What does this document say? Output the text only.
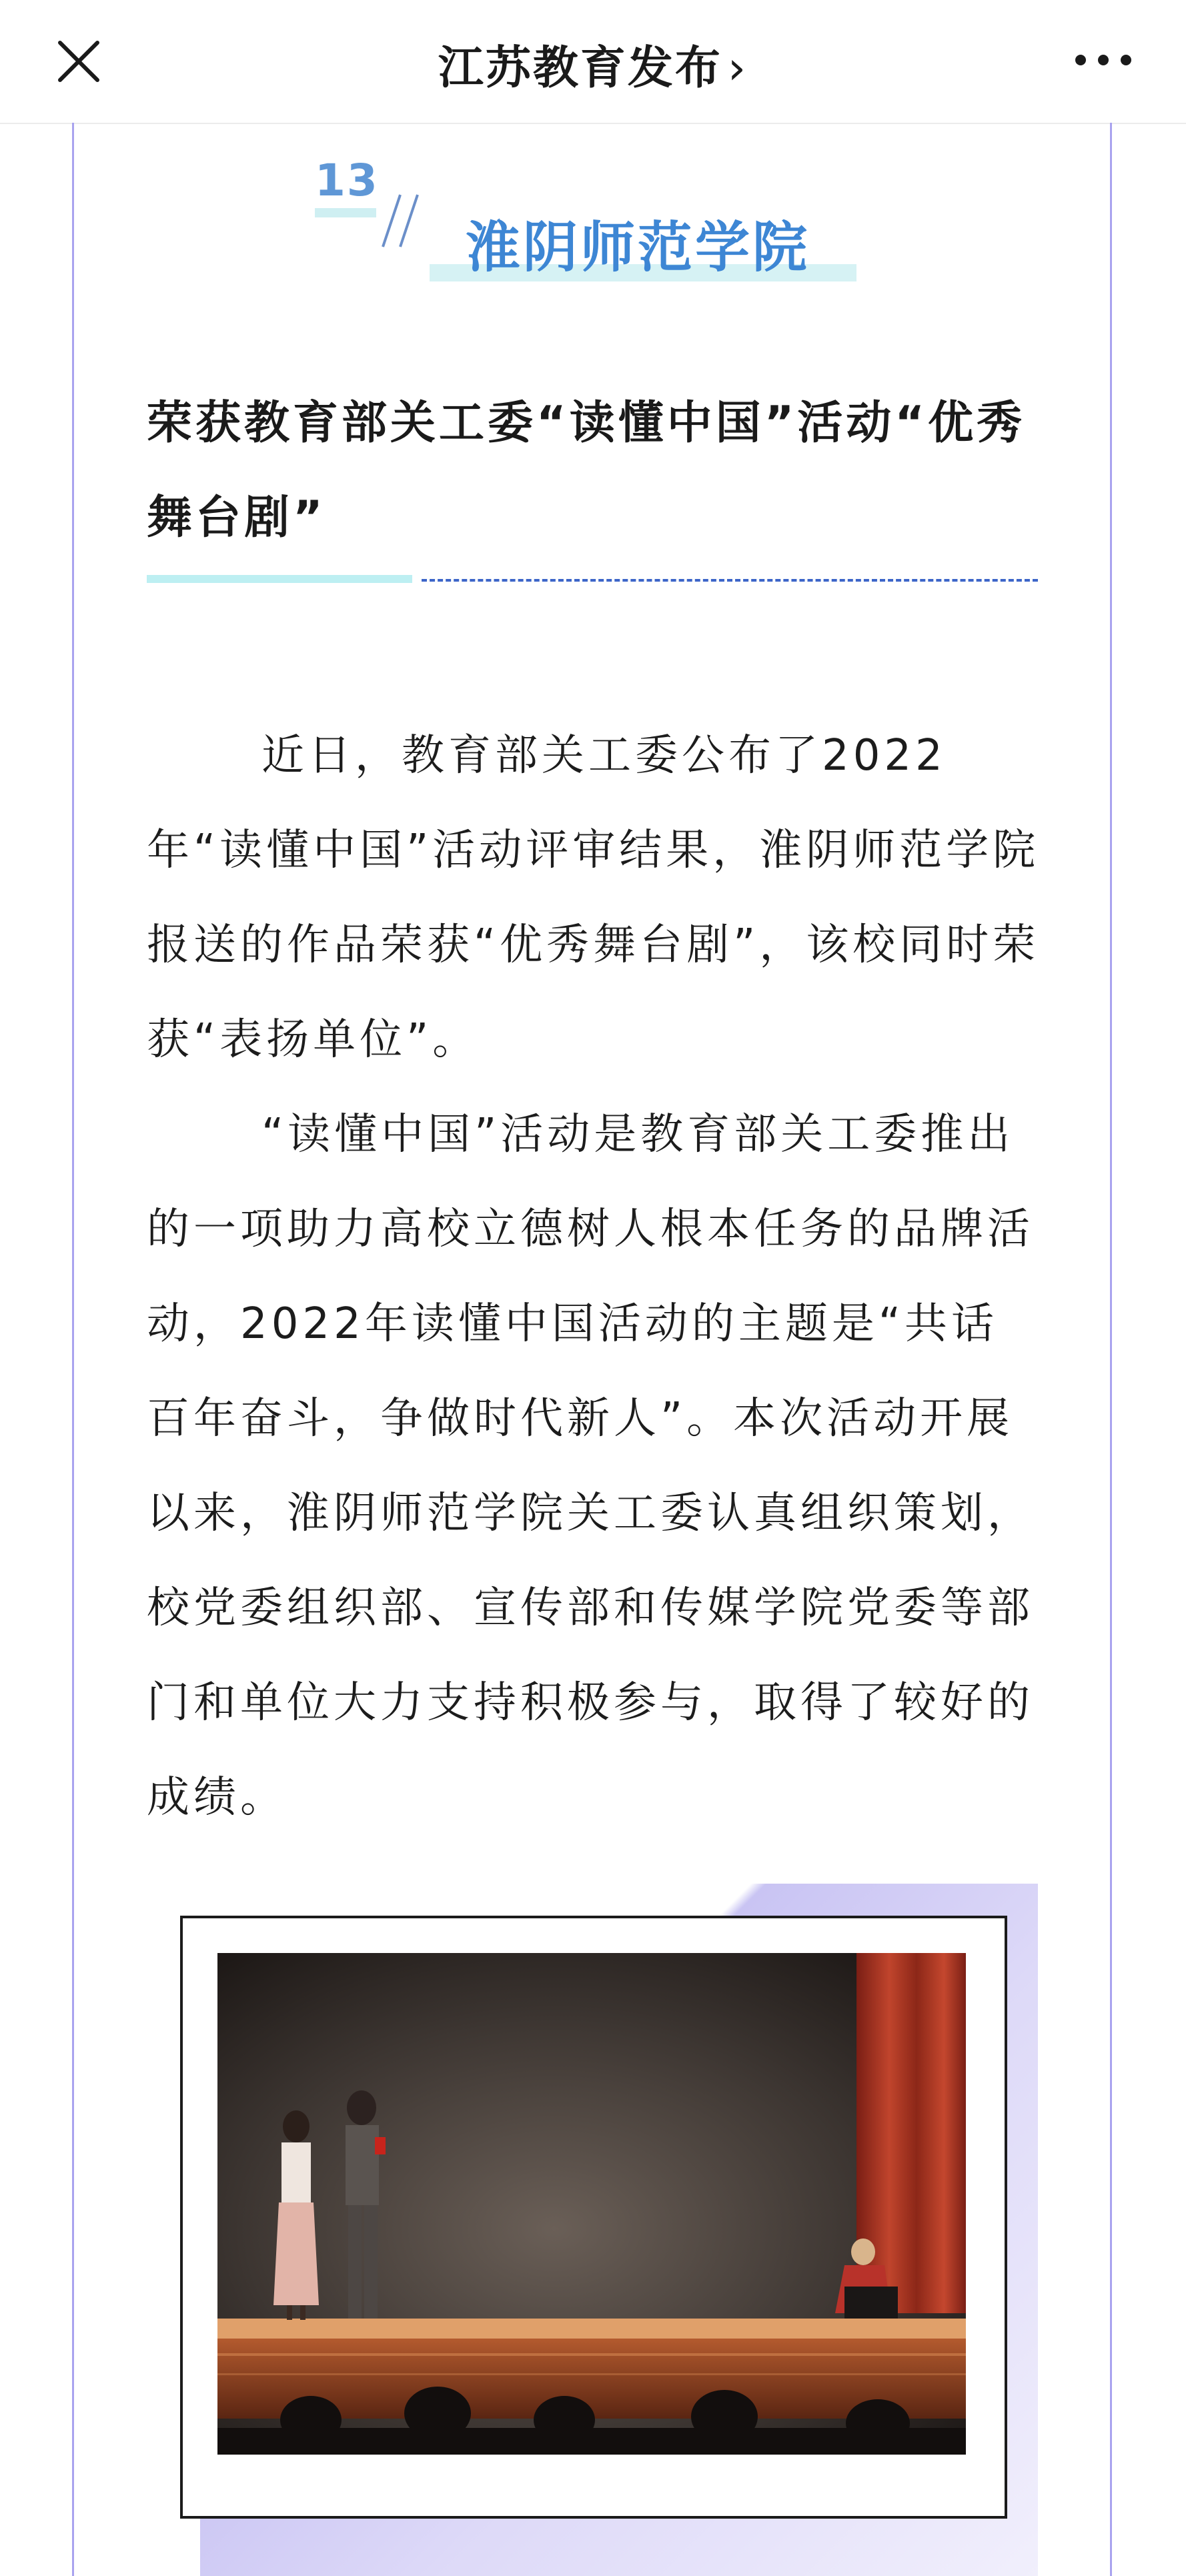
江苏教育发布 ›
13
淮阴师范学院
荣获教育部关工委“读懂中国”活动“优秀舞台剧”

近日，教育部关工委公布了2022年“读懂中国”活动评审结果，淮阴师范学院报送的作品荣获“优秀舞台剧”，该校同时荣获“表扬单位”。

“读懂中国”活动是教育部关工委推出的一项助力高校立德树人根本任务的品牌活动，2022年读懂中国活动的主题是“共话百年奋斗，争做时代新人”。本次活动开展以来，淮阴师范学院关工委认真组织策划，校党委组织部、宣传部和传媒学院党委等部门和单位大力支持积极参与，取得了较好的成绩。
